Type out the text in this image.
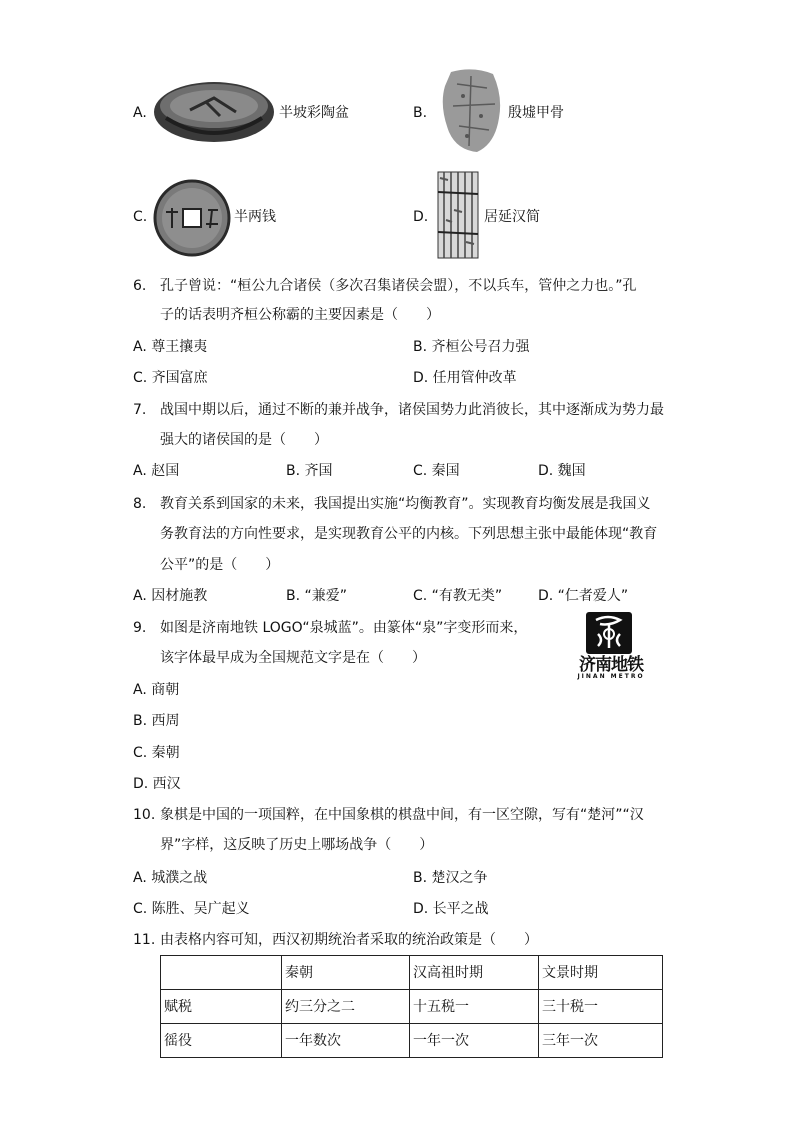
A.	半坡彩陶盆	B.	殷墟甲骨
C.	半两钱	D.	居延汉简
6. 孔子曾说：“桓公九合诸侯（多次召集诸侯会盟），不以兵车，管仲之力也。”孔
子的话表明齐桓公称霸的主要因素是（　　）
A. 尊王攘夷	B. 齐桓公号召力强
C. 齐国富庶	D. 任用管仲改革
7. 战国中期以后，通过不断的兼并战争，诸侯国势力此消彼长，其中逐渐成为势力最
强大的诸侯国的是（　　）
A. 赵国	B. 齐国	C. 秦国	D. 魏国
8. 教育关系到国家的未来，我国提出实施“均衡教育”。实现教育均衡发展是我国义
务教育法的方向性要求，是实现教育公平的内核。下列思想主张中最能体现“教育
公平”的是（　　）
A. 因材施教	B. “兼爱”	C. “有教无类”	D. “仁者爱人”
9. 如图是济南地铁 LOGO“泉城蓝”。由篆体“泉”字变形而来，
该字体最早成为全国规范文字是在（　　）	济南地铁
JINAN METRO
A. 商朝
B. 西周
C. 秦朝
D. 西汉
10. 象棋是中国的一项国粹，在中国象棋的棋盘中间，有一区空隙，写有“楚河”“汉
界”字样，这反映了历史上哪场战争（　　）
A. 城濮之战	B. 楚汉之争
C. 陈胜、吴广起义	D. 长平之战
11. 由表格内容可知，西汉初期统治者采取的统治政策是（　　）
	秦朝	汉高祖时期	文景时期
赋税	约三分之二	十五税一	三十税一
徭役	一年数次	一年一次	三年一次
